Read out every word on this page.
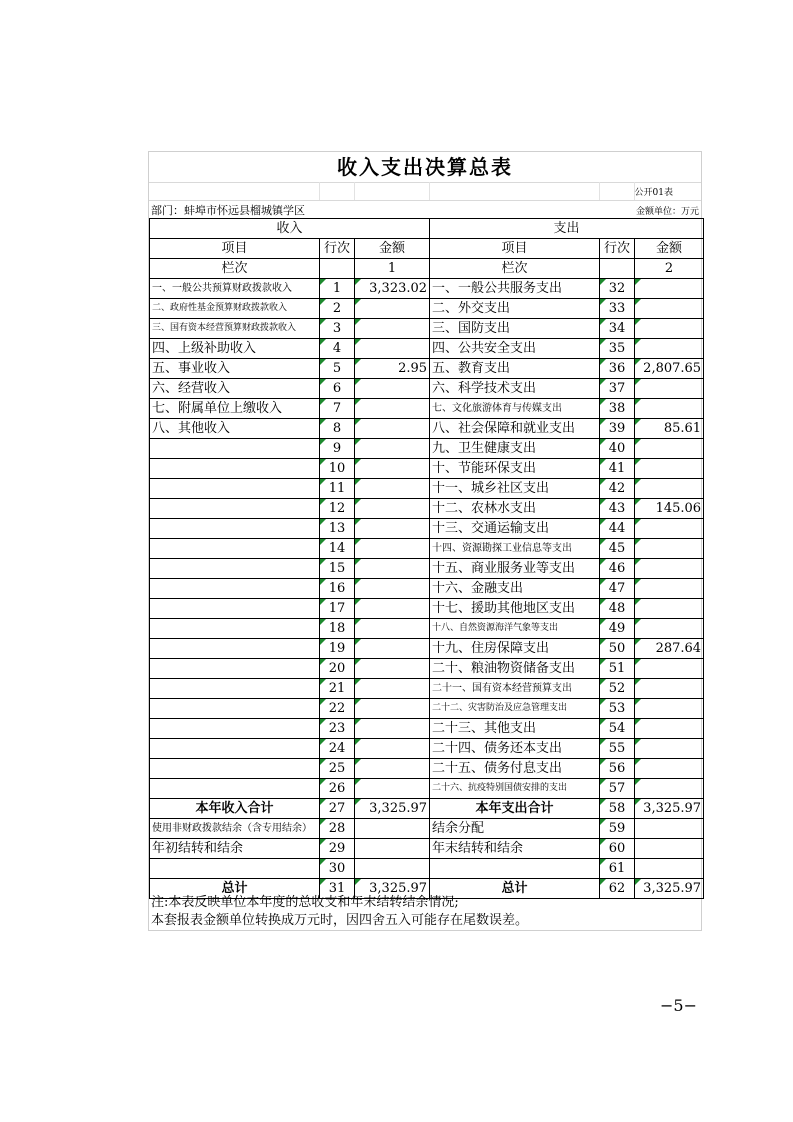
收入支出决算总表
公开01表
部门：蚌埠市怀远县榴城镇学区	金额单位：万元
收入			支出		
项目	行次	金额	项目	行次	金额
栏次		1	栏次		2
一、一般公共预算财政拨款收入	1	3,323.02	一、一般公共服务支出	32	
二、政府性基金预算财政拨款收入	2		二、外交支出	33	
三、国有资本经营预算财政拨款收入	3		三、国防支出	34	
四、上级补助收入	4		四、公共安全支出	35	
五、事业收入	5	2.95	五、教育支出	36	2,807.65
六、经营收入	6		六、科学技术支出	37	
七、附属单位上缴收入	7		七、文化旅游体育与传媒支出	38	
八、其他收入	8		八、社会保障和就业支出	39	85.61
	9		九、卫生健康支出	40	
	10		十、节能环保支出	41	
	11		十一、城乡社区支出	42	
	12		十二、农林水支出	43	145.06
	13		十三、交通运输支出	44	
	14		十四、资源勘探工业信息等支出	45	
	15		十五、商业服务业等支出	46	
	16		十六、金融支出	47	
	17		十七、援助其他地区支出	48	
	18		十八、自然资源海洋气象等支出	49	
	19		十九、住房保障支出	50	287.64
	20		二十、粮油物资储备支出	51	
	21		二十一、国有资本经营预算支出	52	
	22		二十二、灾害防治及应急管理支出	53	
	23		二十三、其他支出	54	
	24		二十四、债务还本支出	55	
	25		二十五、债务付息支出	56	
	26		二十六、抗疫特别国债安排的支出	57	
本年收入合计	27	3,325.97	本年支出合计	58	3,325.97
使用非财政拨款结余（含专用结余）	28		结余分配	59	
年初结转和结余	29		年末结转和结余	60	
	30			61	
总计	31	3,325.97	总计	62	3,325.97
注:本表反映单位本年度的总收支和年末结转结余情况;
本套报表金额单位转换成万元时，因四舍五入可能存在尾数误差。
−5−
